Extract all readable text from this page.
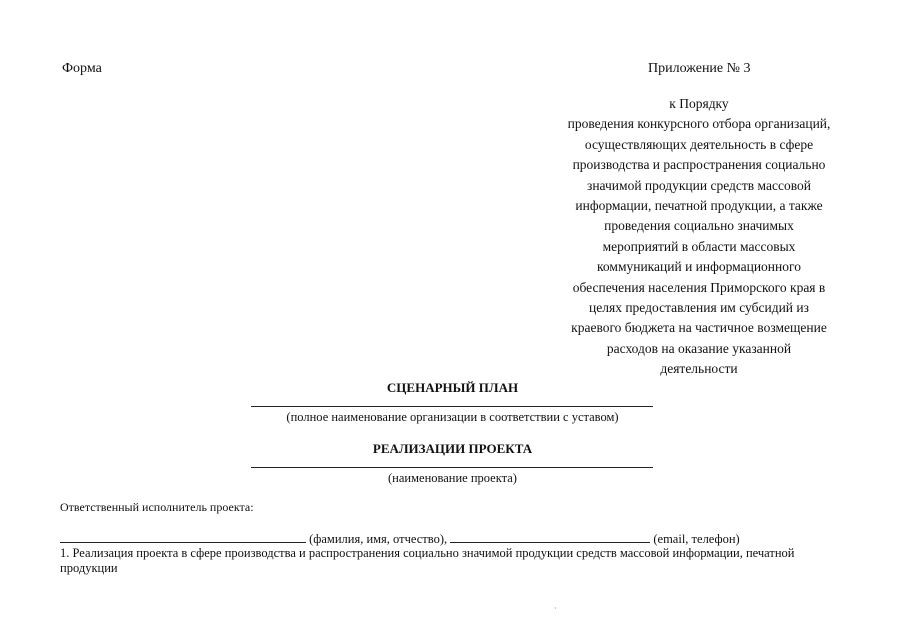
Форма	Приложение № 3
к Порядку
проведения конкурсного отбора организаций,
осуществляющих деятельность в сфере
производства и распространения социально
значимой продукции средств массовой
информации, печатной продукции, а также
проведения социально значимых
мероприятий в области массовых
коммуникаций и информационного
обеспечения населения Приморского края в
целях предоставления им субсидий из
краевого бюджета на частичное возмещение
расходов на оказание указанной
деятельности
СЦЕНАРНЫЙ ПЛАН
(полное наименование организации в соответствии с уставом)
РЕАЛИЗАЦИИ ПРОЕКТА
(наименование проекта)
Ответственный исполнитель проекта:
(фамилия, имя, отчество),	(email, телефон)
1. Реализация проекта в сфере производства и распространения социально значимой продукции средств массовой информации, печатной продукции
·
